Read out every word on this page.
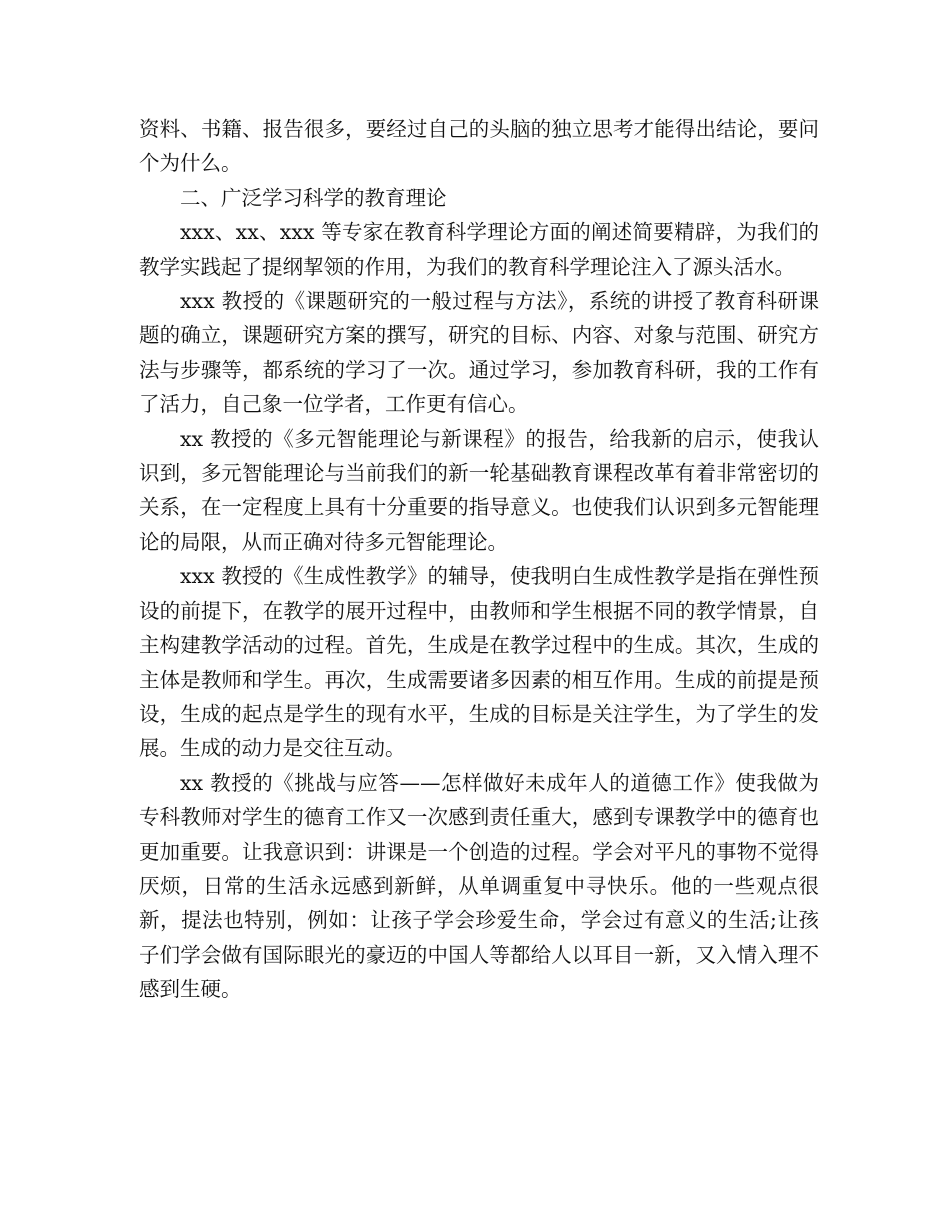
资料、书籍、报告很多，要经过自己的头脑的独立思考才能得出结论，要问个为什么。

二、广泛学习科学的教育理论

xxx、xx、xxx 等专家在教育科学理论方面的阐述简要精辟，为我们的教学实践起了提纲挈领的作用，为我们的教育科学理论注入了源头活水。

xxx 教授的《课题研究的一般过程与方法》，系统的讲授了教育科研课题的确立，课题研究方案的撰写，研究的目标、内容、对象与范围、研究方法与步骤等，都系统的学习了一次。通过学习，参加教育科研，我的工作有了活力，自己象一位学者，工作更有信心。

xx 教授的《多元智能理论与新课程》的报告，给我新的启示，使我认识到，多元智能理论与当前我们的新一轮基础教育课程改革有着非常密切的关系，在一定程度上具有十分重要的指导意义。也使我们认识到多元智能理论的局限，从而正确对待多元智能理论。

xxx 教授的《生成性教学》的辅导，使我明白生成性教学是指在弹性预设的前提下，在教学的展开过程中，由教师和学生根据不同的教学情景，自主构建教学活动的过程。首先，生成是在教学过程中的生成。其次，生成的主体是教师和学生。再次，生成需要诸多因素的相互作用。生成的前提是预设，生成的起点是学生的现有水平，生成的目标是关注学生，为了学生的发展。生成的动力是交往互动。

xx 教授的《挑战与应答——怎样做好未成年人的道德工作》使我做为专科教师对学生的德育工作又一次感到责任重大，感到专课教学中的德育也更加重要。让我意识到：讲课是一个创造的过程。学会对平凡的事物不觉得厌烦，日常的生活永远感到新鲜，从单调重复中寻快乐。他的一些观点很新，提法也特别，例如：让孩子学会珍爱生命，学会过有意义的生活;让孩子们学会做有国际眼光的豪迈的中国人等都给人以耳目一新，又入情入理不感到生硬。
